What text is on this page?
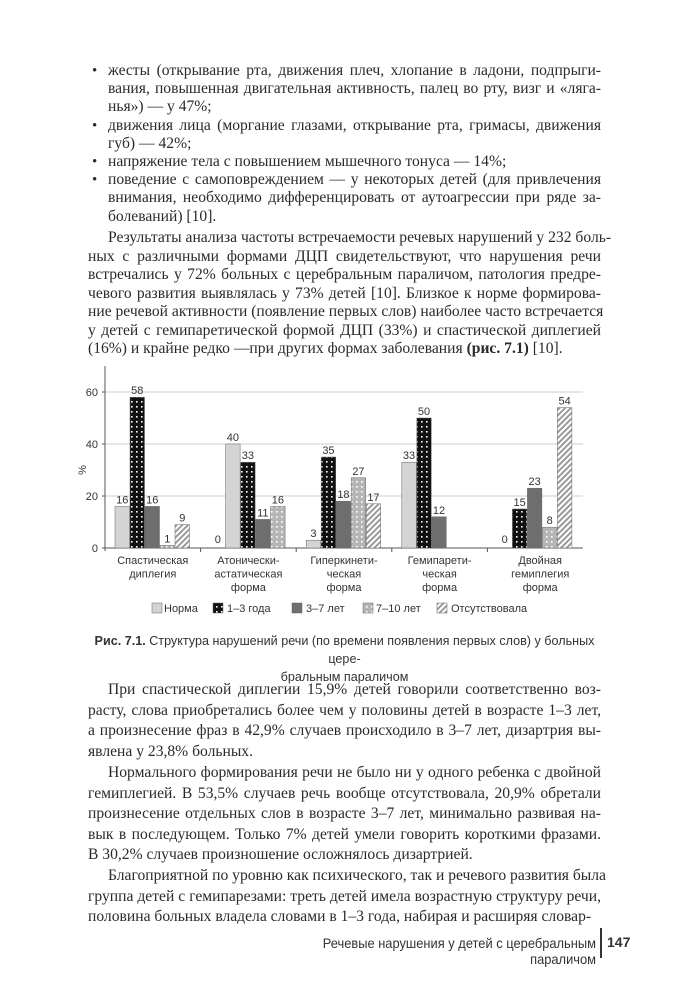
• жесты (открывание рта, движения плеч, хлопание в ладони, подпрыги-
вания, повышенная двигательная активность, палец во рту, визг и «ляга-
нья») — у 47%;
• движения лица (моргание глазами, открывание рта, гримасы, движения
губ) — 42%;
• напряжение тела с повышением мышечного тонуса — 14%;
• поведение с самоповреждением — у некоторых детей (для привлечения
внимания, необходимо дифференцировать от аутоагрессии при ряде за-
болеваний) [10].
Результаты анализа частоты встречаемости речевых нарушений у 232 боль-
ных с различными формами ДЦП свидетельствуют, что нарушения речи
встречались у 72% больных с церебральным параличом, патология предре-
чевого развития выявлялась у 73% детей [10]. Близкое к норме формирова-
ние речевой активности (появление первых слов) наиболее часто встречается
у детей с гемипаретической формой ДЦП (33%) и спастической диплегией
(16%) и крайне редко —при других формах заболевания (рис. 7.1) [10].
При спастической диплегии 15,9% детей говорили соответственно воз-
расту, слова приобретались более чем у половины детей в возрасте 1–3 лет,
а произнесение фраз в 42,9% случаев происходило в 3–7 лет, дизартрия вы-
явлена у 23,8% больных.
Нормального формирования речи не было ни у одного ребенка с двойной
гемиплегией. В 53,5% случаев речь вообще отсутствовала, 20,9% обретали
произнесение отдельных слов в возрасте 3–7 лет, минимально развивая на-
вык в последующем. Только 7% детей умели говорить короткими фразами.
В 30,2% случаев произношение осложнялось дизартрией.
Благоприятной по уровню как психического, так и речевого развития была
группа детей с гемипарезами: треть детей имела возрастную структуру речи,
половина больных владела словами в 1–3 года, набирая и расширяя словар-
0
20
40
60
%
16
58
16
1
9
Спастическая
диплегия
0
40
33
11
16
Атонически-
астатическая
форма
3
35
18
27
17
Гиперкинети-
ческая
форма
33
50
12
Гемипарети-
ческая
форма
0
15
23
8
54
Двойная
гемиплегия
форма
Норма	1–3 года	3–7 лет	7–10 лет	Отсутствовала
Рис. 7.1. Структура нарушений речи (по времени появления первых слов) у больных цере-
бральным параличом
Речевые нарушения у детей с церебральным параличом
147
